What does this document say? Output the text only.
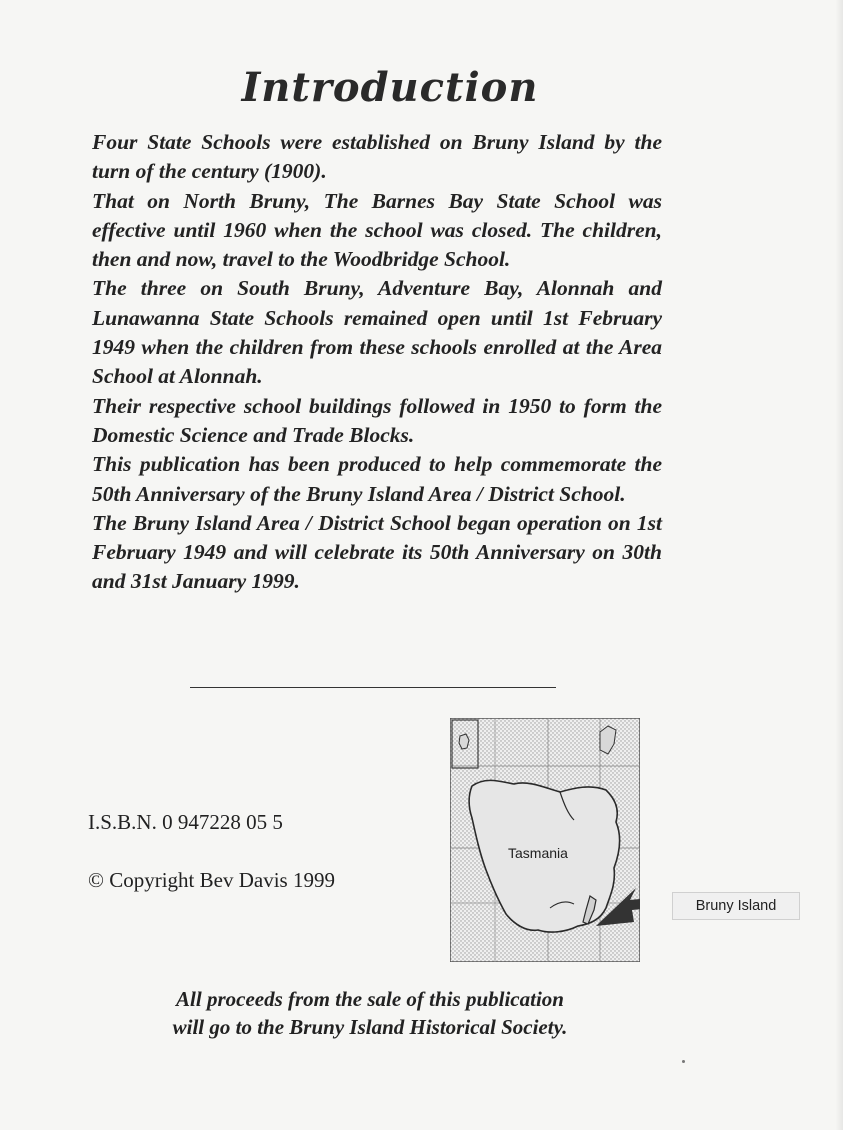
Introduction

Four State Schools were established on Bruny Island by the turn of the century (1900).

That on North Bruny, The Barnes Bay State School was effective until 1960 when the school was closed. The children, then and now, travel to the Woodbridge School.

The three on South Bruny, Adventure Bay, Alonnah and Lunawanna State Schools remained open until 1st February 1949 when the children from these schools enrolled at the Area School at Alonnah.

Their respective school buildings followed in 1950 to form the Domestic Science and Trade Blocks.

This publication has been produced to help commemorate the 50th Anniversary of the Bruny Island Area / District School.

The Bruny Island Area / District School began operation on 1st February 1949 and will celebrate its 50th Anniversary on 30th and 31st January 1999.

I.S.B.N. 0 947228 05 5
© Copyright Bev Davis 1999
Tasmania
Bruny Island
All proceeds from the sale of this publication
will go to the Bruny Island Historical Society.
